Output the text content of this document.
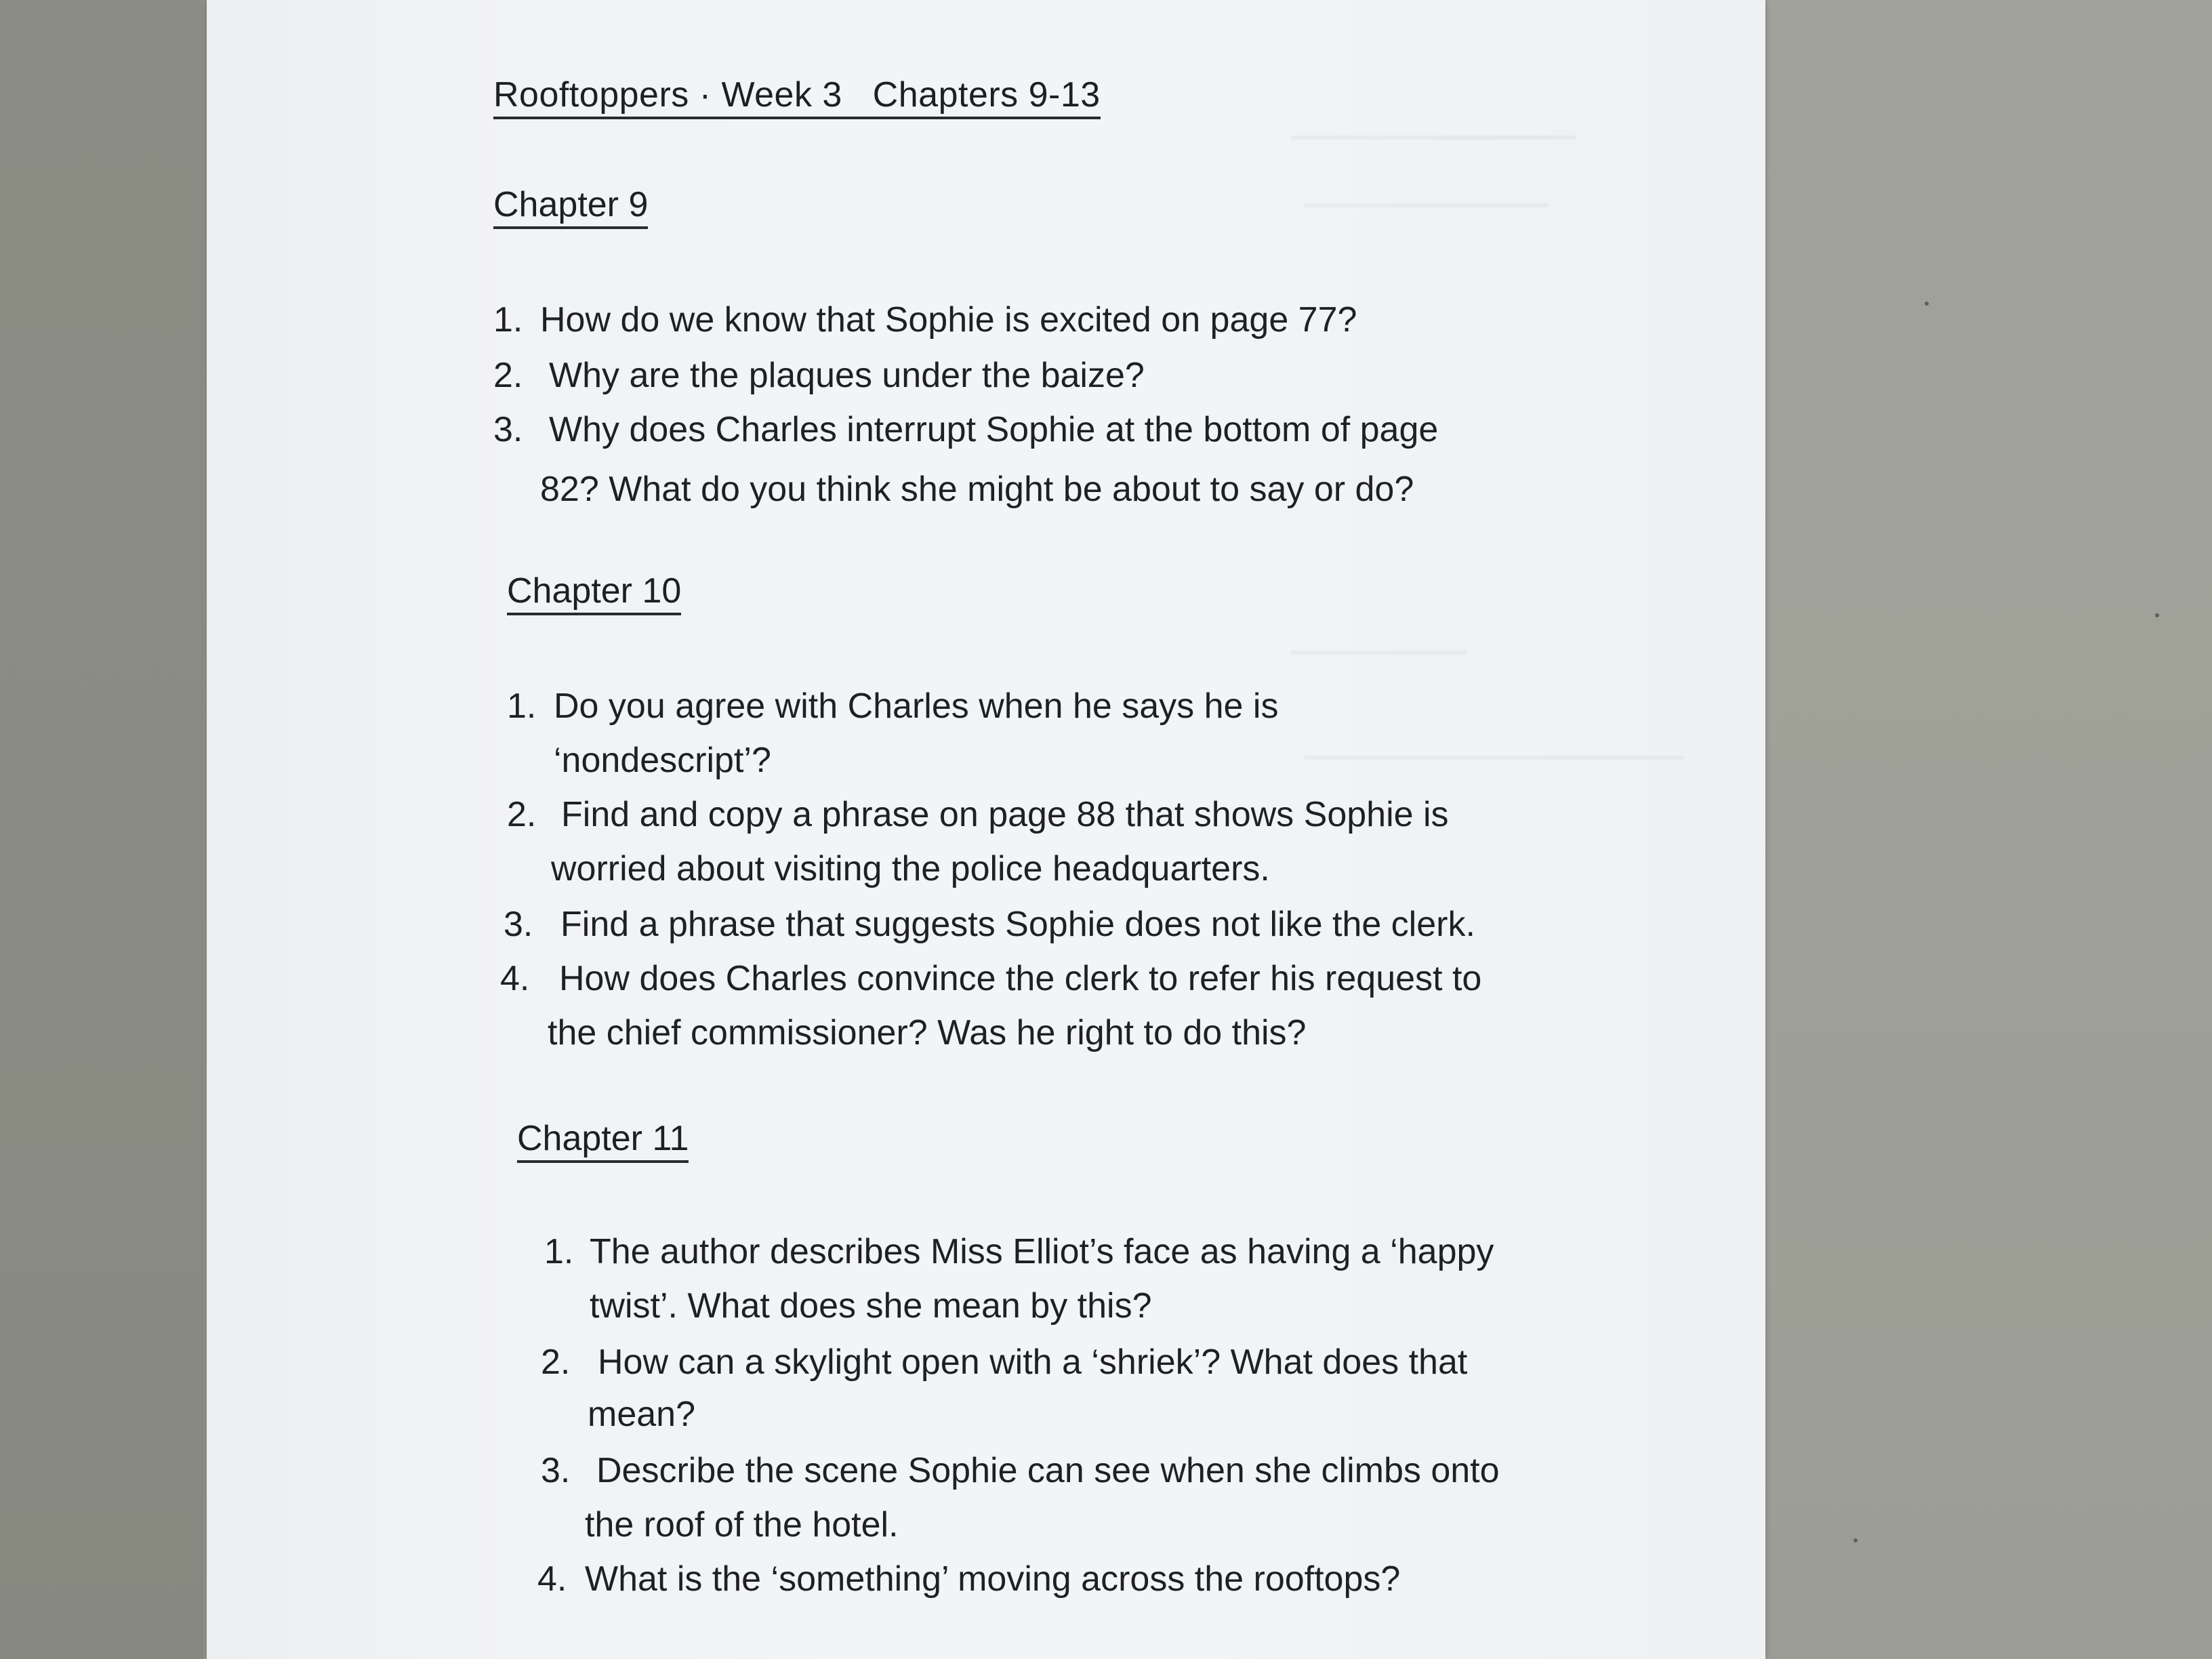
Rooftoppers · Week 3   Chapters 9-13
Chapter 9
1. How do we know that Sophie is excited on page 77?
2. Why are the plaques under the baize?
3. Why does Charles interrupt Sophie at the bottom of page
82? What do you think she might be about to say or do?
Chapter 10
1. Do you agree with Charles when he says he is
‘nondescript’?
2. Find and copy a phrase on page 88 that shows Sophie is
worried about visiting the police headquarters.
3. Find a phrase that suggests Sophie does not like the clerk.
4. How does Charles convince the clerk to refer his request to
the chief commissioner? Was he right to do this?
Chapter 11
1. The author describes Miss Elliot’s face as having a ‘happy
twist’. What does she mean by this?
2. How can a skylight open with a ‘shriek’? What does that
mean?
3. Describe the scene Sophie can see when she climbs onto
the roof of the hotel.
4. What is the ‘something’ moving across the rooftops?
